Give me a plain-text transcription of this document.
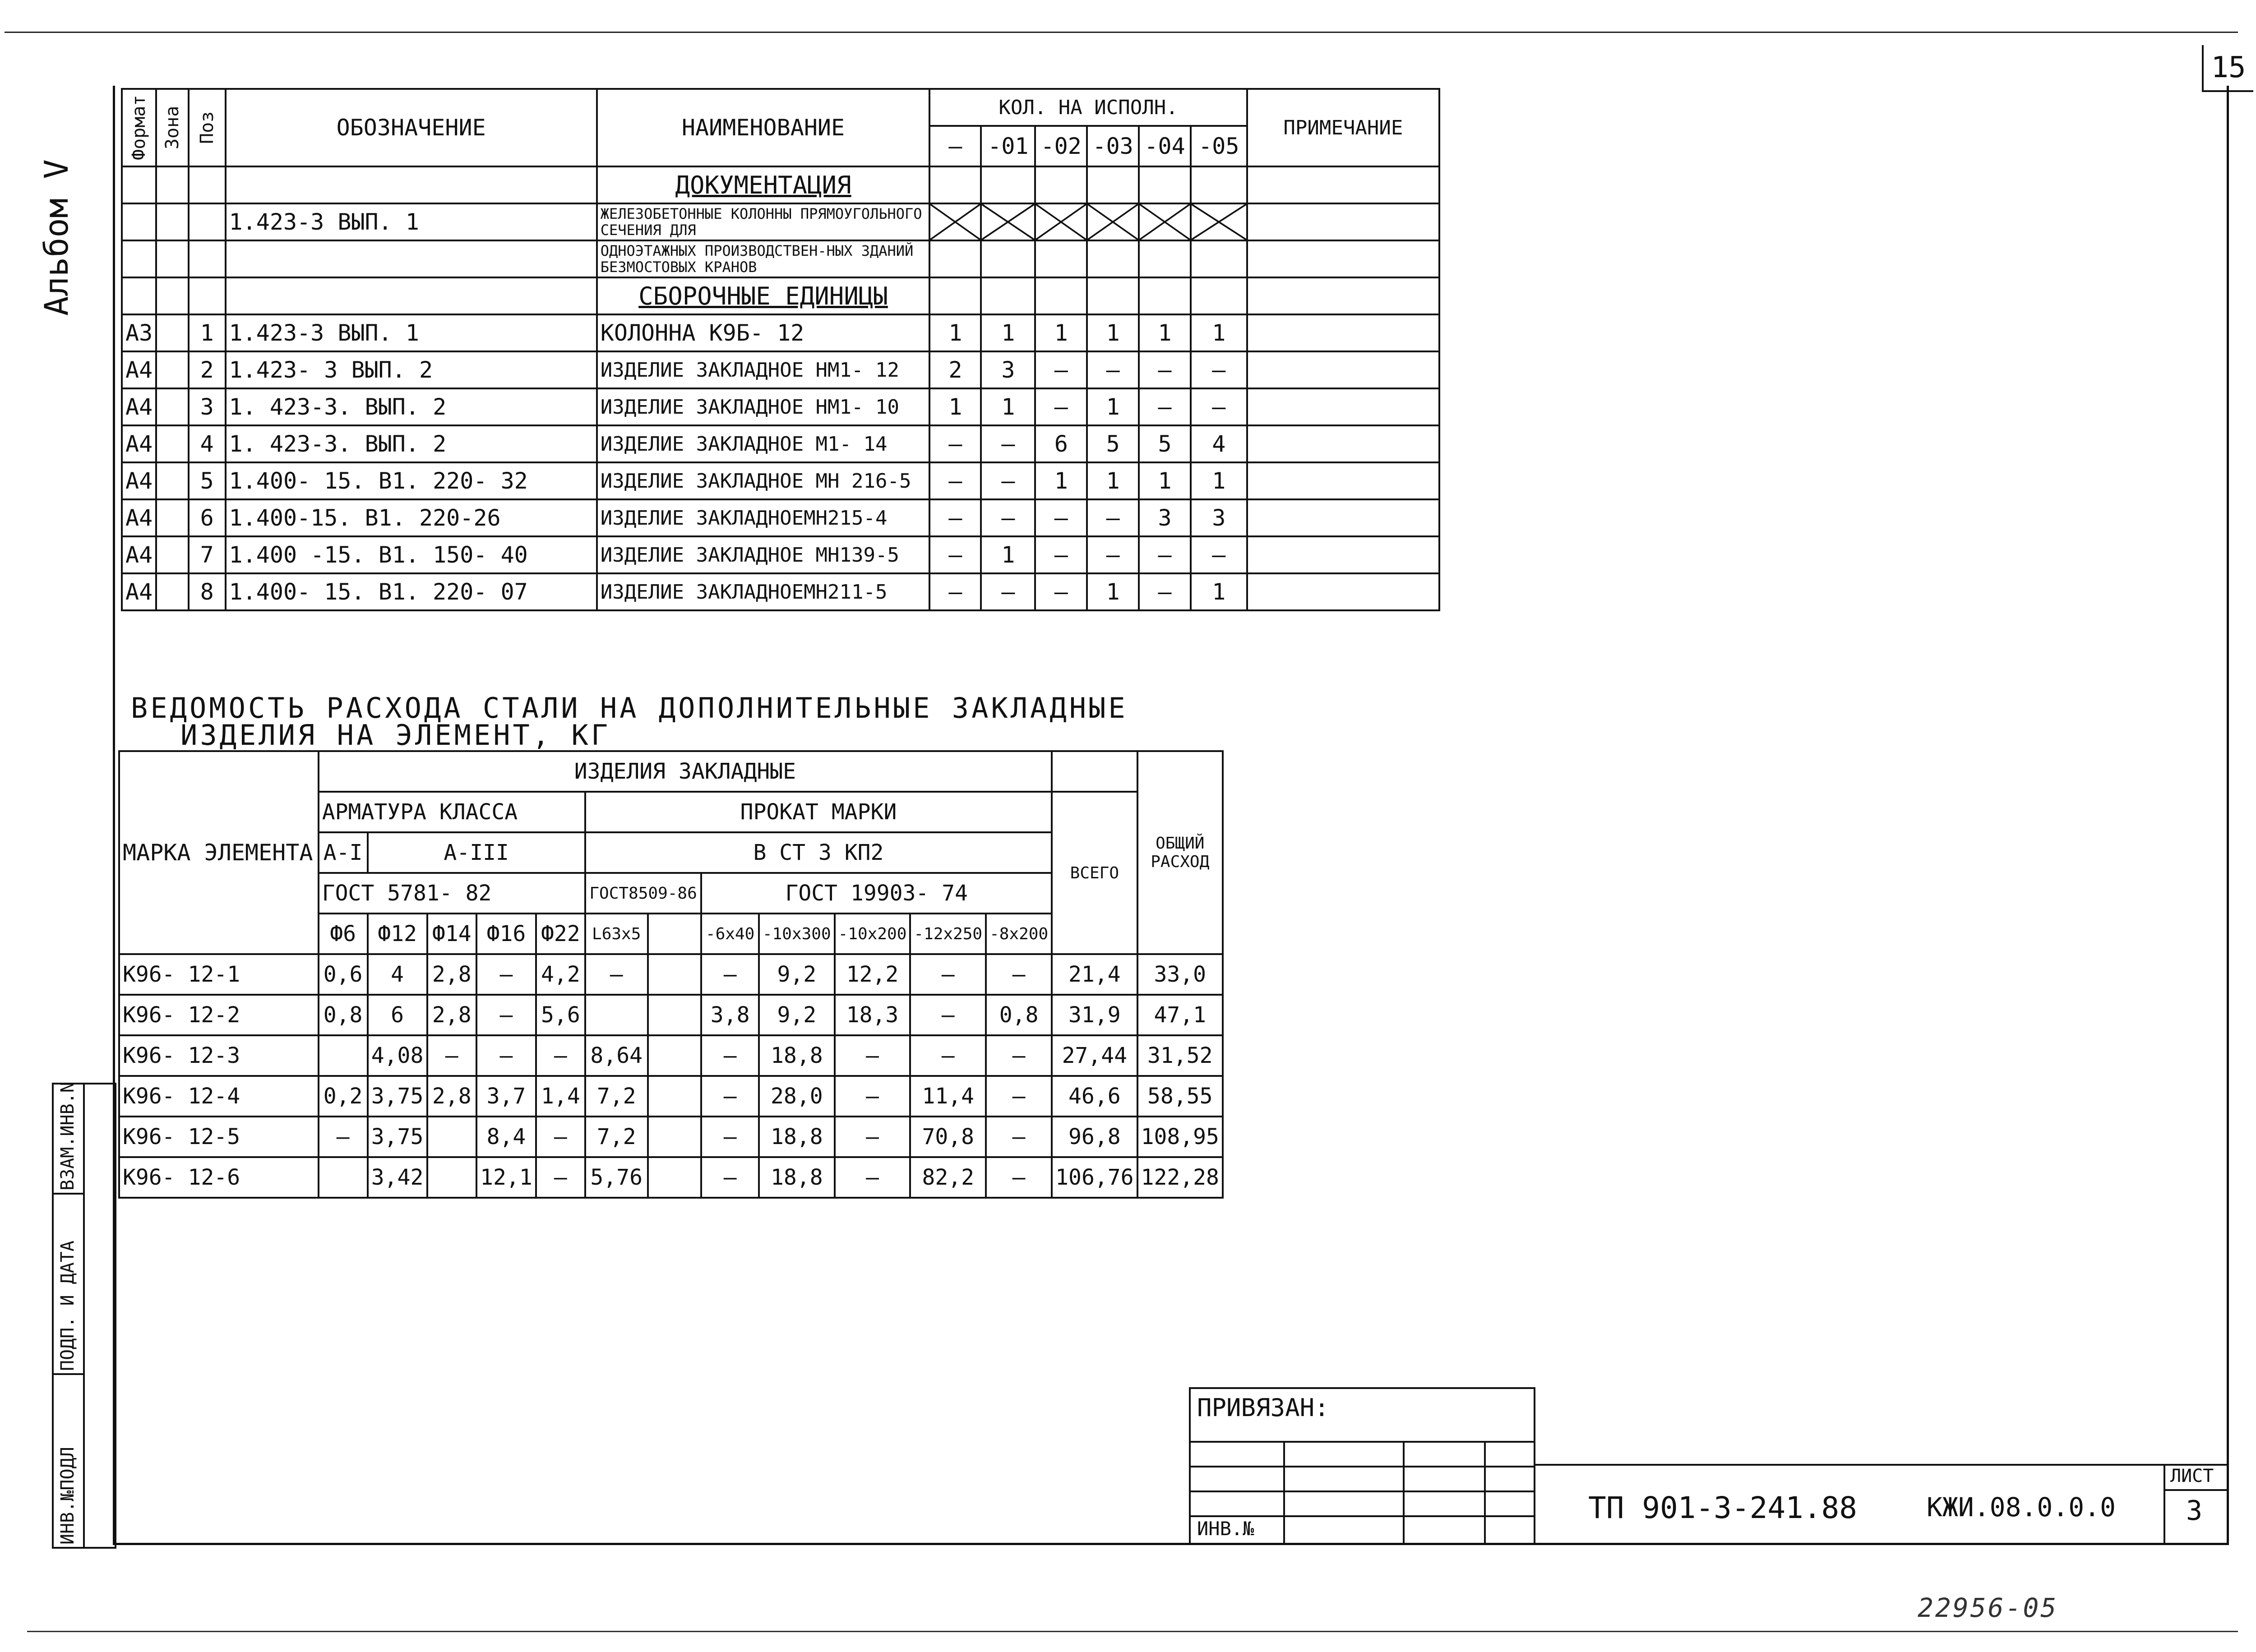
15
Альбом V
Формат	Зона	Поз	ОБОЗНАЧЕНИЕ	НАИМЕНОВАНИЕ	КОЛ. НА ИСПОЛН.						ПРИМЕЧАНИЕ
					–	-01	-02	-03	-04	-05	
				ДОКУМЕНТАЦИЯ							
			1.423-3 ВЫП. 1	ЖЕЛЕЗОБЕТОННЫЕ КОЛОННЫ ПРЯМОУГОЛЬНОГО СЕЧЕНИЯ ДЛЯ	

				ОДНОЭТАЖНЫХ ПРОИЗВОДСТВЕН-НЫХ ЗДАНИЙ БЕЗМОСТОВЫХ КРАНОВ							
				СБОРОЧНЫЕ ЕДИНИЦЫ							
А3		1	1.423-3 ВЫП. 1	КОЛОННА К9Б- 12	1	1	1	1	1	1	
А4		2	1.423- 3 ВЫП. 2	ИЗДЕЛИЕ ЗАКЛАДНОЕ НМ1- 12	2	3	–	–	–	–	
А4		3	1. 423-3. ВЫП. 2	ИЗДЕЛИЕ ЗАКЛАДНОЕ НМ1- 10	1	1	–	1	–	–	
А4		4	1. 423-3. ВЫП. 2	ИЗДЕЛИЕ ЗАКЛАДНОЕ М1- 14	–	–	6	5	5	4	
А4		5	1.400- 15. В1. 220- 32	ИЗДЕЛИЕ ЗАКЛАДНОЕ МН 216-5	–	–	1	1	1	1	
А4		6	1.400-15. В1. 220-26	ИЗДЕЛИЕ ЗАКЛАДНОЕМН215-4	–	–	–	–	3	3	
А4		7	1.400 -15. В1. 150- 40	ИЗДЕЛИЕ ЗАКЛАДНОЕ МН139-5	–	1	–	–	–	–	
А4		8	1.400- 15. В1. 220- 07	ИЗДЕЛИЕ ЗАКЛАДНОЕМН211-5	–	–	–	1	–	1	
ВЕДОМОСТЬ РАСХОДА СТАЛИ НА ДОПОЛНИТЕЛЬНЫЕ ЗАКЛАДНЫЕ
ИЗДЕЛИЯ НА ЭЛЕМЕНТ, КГ
МАРКА ЭЛЕМЕНТА	ИЗДЕЛИЯ ЗАКЛАДНЫЕ													ОБЩИЙ РАСХОД
	АРМАТУРА КЛАССА					ПРОКАТ МАРКИ							ВСЕГО	
	А-I	А-III				В СТ 3 КП2								
	ГОСТ 5781- 82					ГОСТ8509-86		ГОСТ 19903- 74						
	Ф6	Ф12	Ф14	Ф16	Ф22	L63x5		-6x40	-10x300	-10x200	-12x250	-8x200		
К96- 12-1	0,6	4	2,8	–	4,2	–		–	9,2	12,2	–	–	21,4	33,0
К96- 12-2	0,8	6	2,8	–	5,6			3,8	9,2	18,3	–	0,8	31,9	47,1
К96- 12-3		4,08	–	–	–	8,64		–	18,8	–	–	–	27,44	31,52
К96- 12-4	0,2	3,75	2,8	3,7	1,4	7,2		–	28,0	–	11,4	–	46,6	58,55
К96- 12-5	–	3,75		8,4	–	7,2		–	18,8	–	70,8	–	96,8	108,95
К96- 12-6		3,42		12,1	–	5,76		–	18,8	–	82,2	–	106,76	122,28
ВЗАМ.ИНВ.N
ПОДП. И ДАТА
ИНВ.№ПОДЛ
ПРИВЯЗАН:
ИНВ.№
ТП 901-3-241.88	КЖИ.08.0.0.0
ЛИСТ
3
22956-05
